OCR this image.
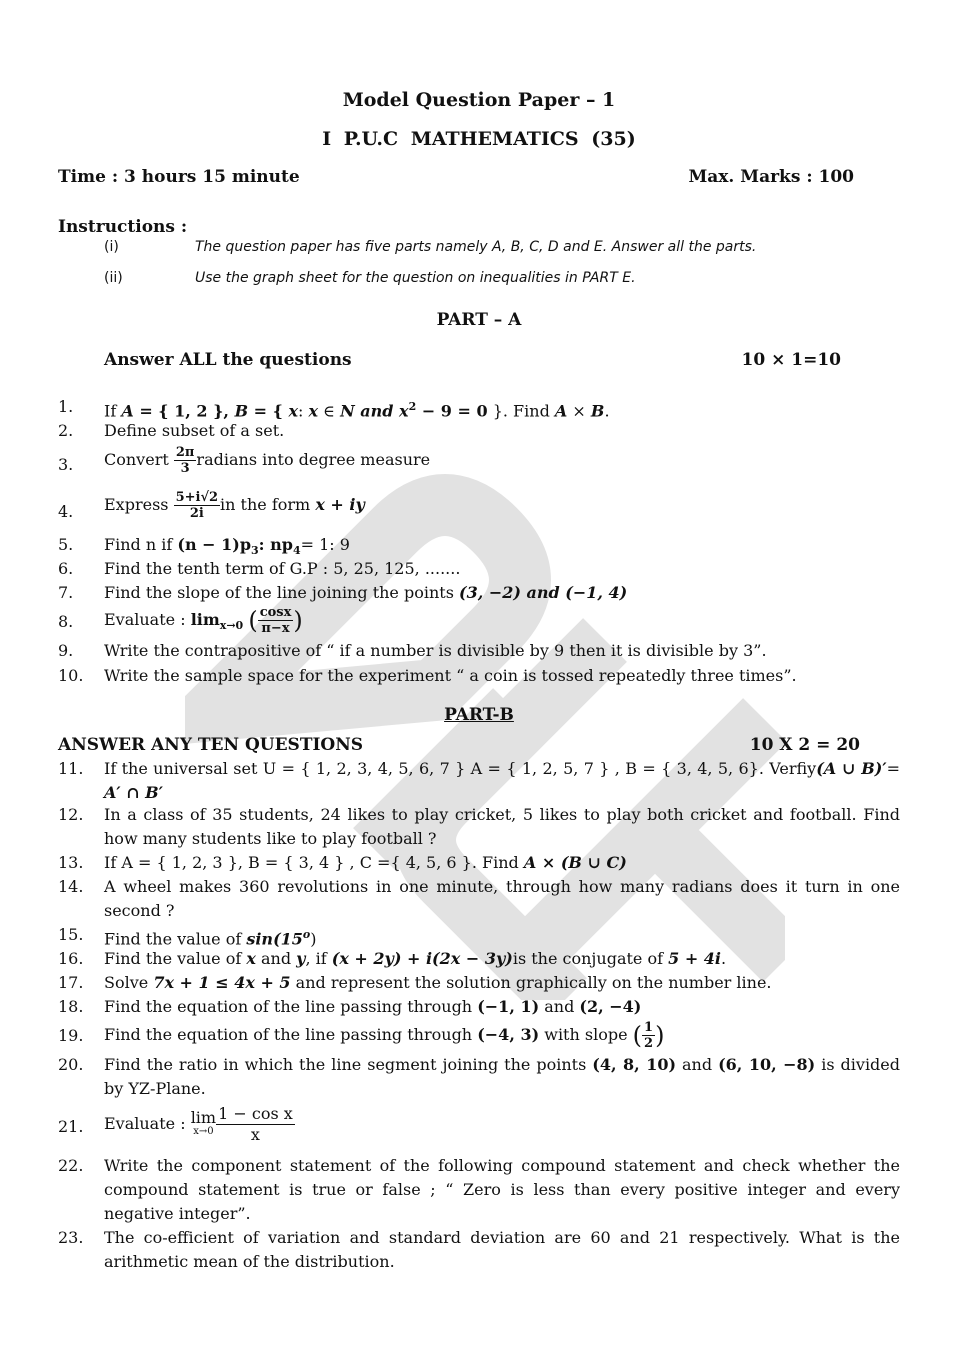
Model Question Paper – 1
I P.U.C MATHEMATICS (35)
Time : 3 hours 15 minute	Max. Marks : 100
Instructions :
(i)	The question paper has five parts namely A, B, C, D and E. Answer all the parts.
(ii)	Use the graph sheet for the question on inequalities in PART E.
PART – A
Answer ALL the questions	10 × 1=10
1. If A = { 1, 2 }, B = { x: x ∈ N and $x^2 - 9 = 0$ }. Find A × B.
2. Define subset of a set.
3. Convert $\frac{2\pi}{3}$ radians into degree measure
4. Express $\frac{5+i√2}{2i}$ in the form x + iy
5. Find n if $(n - 1)p_3$: $np_4= 1$: 9
6. Find the tenth term of G.P : 5, 25, 125, .......
7. Find the slope of the line joining the points (3, −2) and (−1, 4)
8. Evaluate : $\lim_{x\to 0}$ ( $\frac{\cos x}{\pi-x}$ )
9. Write the contrapositive of “ if a number is divisible by 9 then it is divisible by 3”.
10. Write the sample space for the experiment “ a coin is tossed repeatedly three times”.
PART-B
ANSWER ANY TEN QUESTIONS	10 X 2 = 20
11. If the universal set U = { 1, 2, 3, 4, 5, 6, 7 } A = { 1, 2, 5, 7 } , B = { 3, 4, 5, 6}. Verfiy(A ∪ B)′= A′ ∩ B′
12. In a class of 35 students, 24 likes to play cricket, 5 likes to play both cricket and football. Find how many students like to play football ?
13. If A = { 1, 2, 3 }, B = { 3, 4 } , C ={ 4, 5, 6 }. Find A × (B ∪ C)
14. A wheel makes 360 revolutions in one minute, through how many radians does it turn in one second ?
15. Find the value of sin(15$^o$)
16. Find the value of x and y, if (x + 2y) + i(2x − 3y)is the conjugate of 5 + 4i.
17. Solve 7x + 1 ≤ 4x + 5 and represent the solution graphically on the number line.
18. Find the equation of the line passing through (−1, 1) and (2, −4)
19. Find the equation of the line passing through (−4, 3) with slope ( $\frac{1}{2}$ )
20. Find the ratio in which the line segment joining the points (4, 8, 10) and (6, 10, −8) is divided by YZ-Plane.
21. Evaluate : lim
$x\to 0 \frac{\text{1 − cos x}}{x}$
22. Write the component statement of the following compound statement and check whether the compound statement is true or false ; “ Zero is less than every positive integer and every negative integer”.
23. The co-efficient of variation and standard deviation are 60 and 21 respectively. What is the arithmetic mean of the distribution.
